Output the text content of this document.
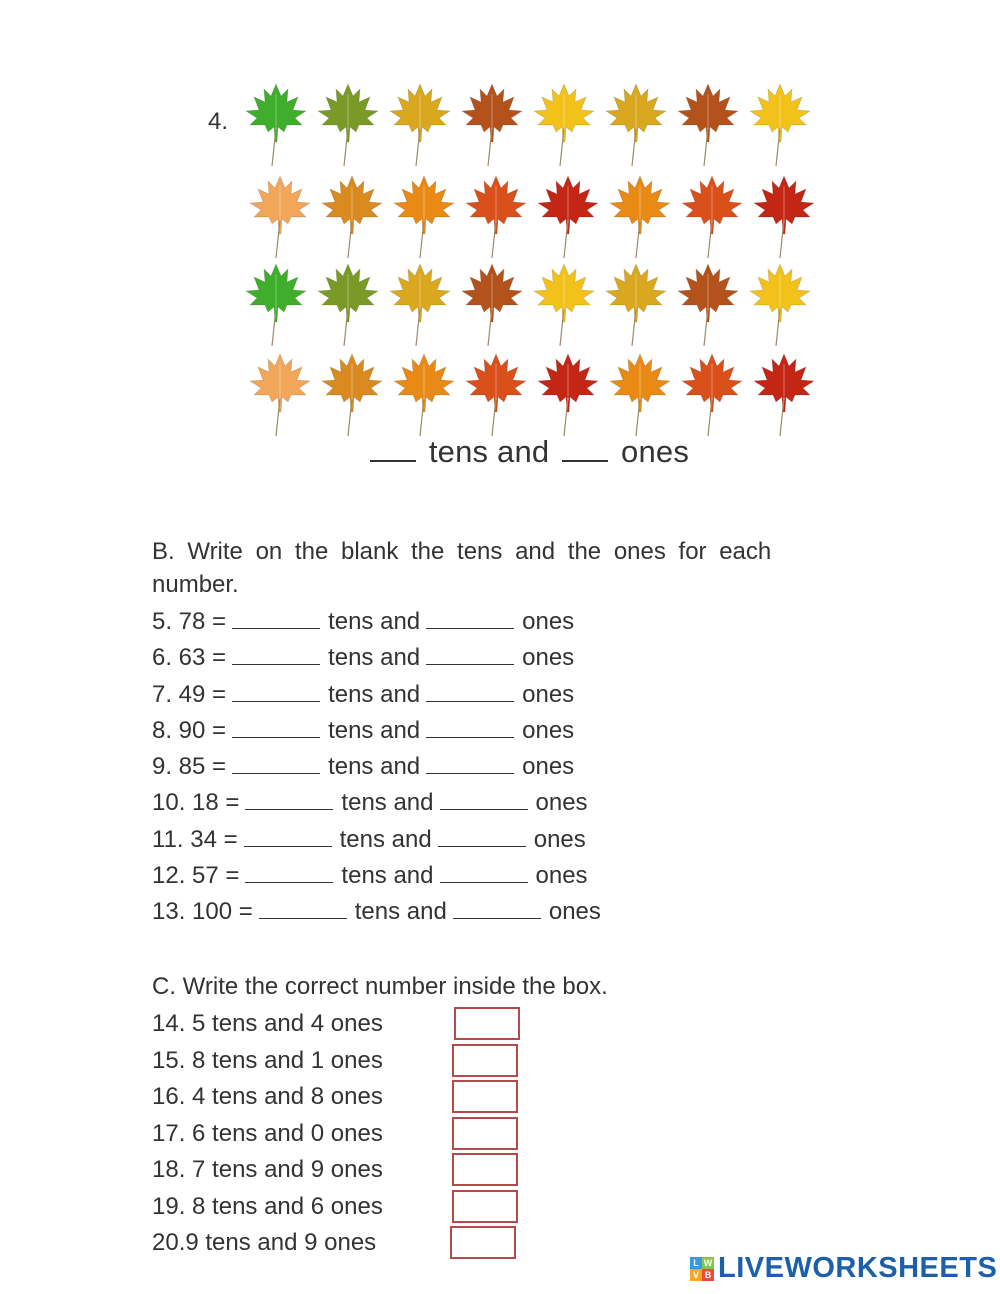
4.
tens and ones
B. Write on the blank the tens and the ones for each
number.
5. 78 =	tens and	ones
6. 63 =	tens and	ones
7. 49 =	tens and	ones
8. 90 =	tens and	ones
9. 85 =	tens and	ones
10. 18 =	tens and	ones
11. 34 =	tens and	ones
12. 57 =	tens and	ones
13. 100 =	tens and	ones
C. Write the correct number inside the box.
14. 5 tens and 4 ones
15. 8 tens and 1 ones
16. 4 tens and 8 ones
17. 6 tens and 0 ones
18. 7 tens and 9 ones
19. 8 tens and 6 ones
20.9 tens and 9 ones
L W
V B LIVEWORKSHEETS
